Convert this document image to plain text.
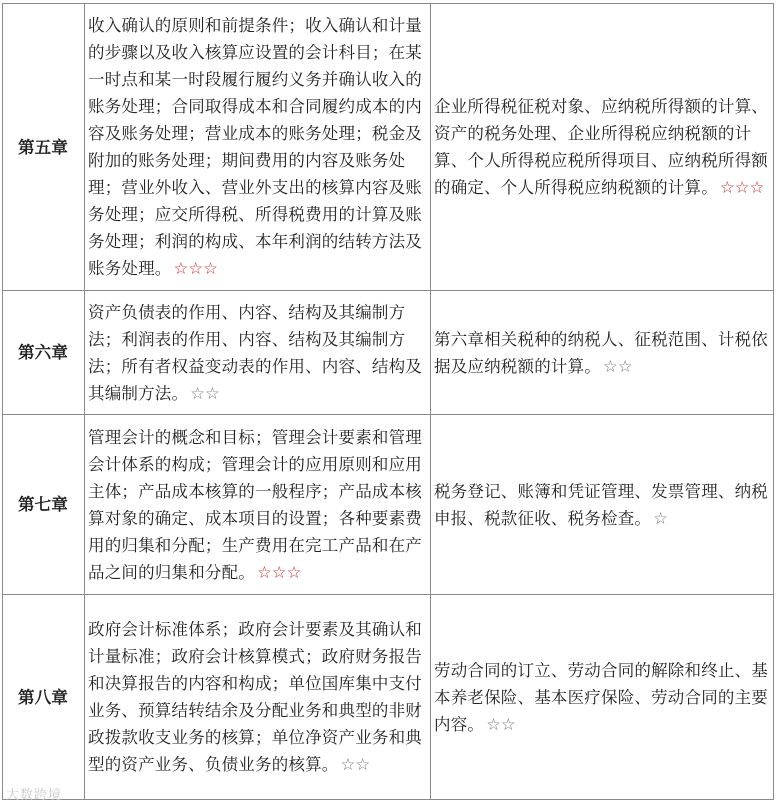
第五章	收入确认的原则和前提条件；收入确认和计量的步骤以及收入核算应设置的会计科目；在某一时点和某一时段履行履约义务并确认收入的账务处理；合同取得成本和合同履约成本的内容及账务处理；营业成本的账务处理；税金及附加的账务处理；期间费用的内容及账务处理；营业外收入、营业外支出的核算内容及账务处理；应交所得税、所得税费用的计算及账务处理；利润的构成、本年利润的结转方法及账务处理。 ☆☆☆	企业所得税征税对象、应纳税所得额的计算、资产的税务处理、企业所得税应纳税额的计算、个人所得税应税所得项目、应纳税所得额的确定、个人所得税应纳税额的计算。 ☆☆☆
第六章	资产负债表的作用、内容、结构及其编制方法；利润表的作用、内容、结构及其编制方法；所有者权益变动表的作用、内容、结构及其编制方法。 ☆☆	第六章相关税种的纳税人、征税范围、计税依据及应纳税额的计算。 ☆☆
第七章	管理会计的概念和目标；管理会计要素和管理会计体系的构成；管理会计的应用原则和应用主体；产品成本核算的一般程序；产品成本核算对象的确定、成本项目的设置；各种要素费用的归集和分配；生产费用在完工产品和在产品之间的归集和分配。 ☆☆☆	税务登记、账簿和凭证管理、发票管理、纳税申报、税款征收、税务检查。 ☆
第八章	政府会计标准体系；政府会计要素及其确认和计量标准；政府会计核算模式；政府财务报告和决算报告的内容和构成；单位国库集中支付业务、预算结转结余及分配业务和典型的非财政拨款收支业务的核算；单位净资产业务和典型的资产业务、负债业务的核算。 ☆☆	劳动合同的订立、劳动合同的解除和终止、基本养老保险、基本医疗保险、劳动合同的主要内容。 ☆☆
大数跨境
